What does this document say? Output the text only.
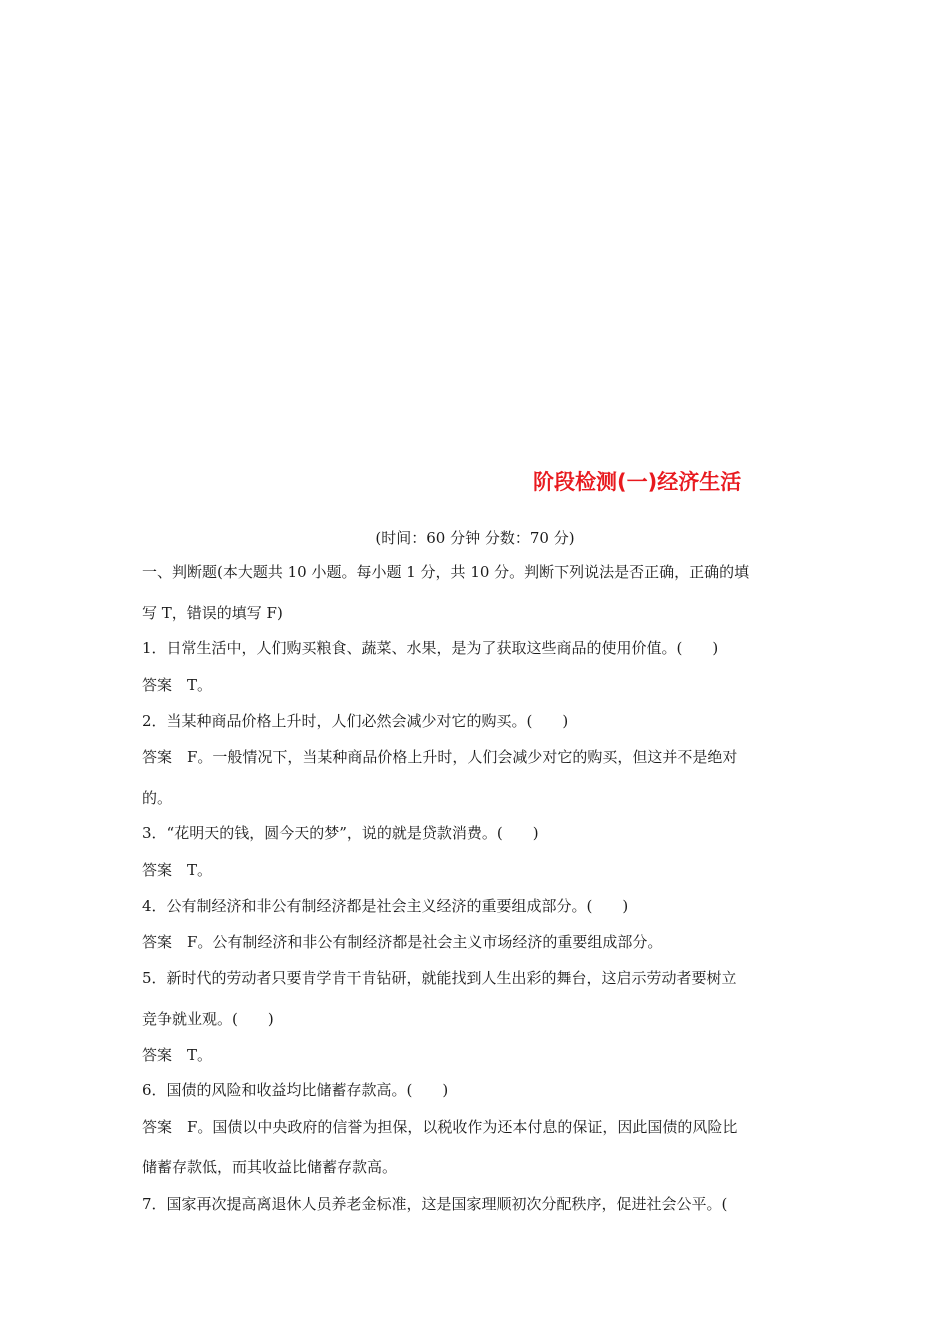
阶段检测(一)经济生活
(时间：60 分钟 分数：70 分)
一、判断题(本大题共 10 小题。每小题 1 分，共 10 分。判断下列说法是否正确，正确的填
写 T，错误的填写 F)
1．日常生活中，人们购买粮食、蔬菜、水果，是为了获取这些商品的使用价值。(　　)
答案　T。
2．当某种商品价格上升时，人们必然会减少对它的购买。(　　)
答案　F。一般情况下，当某种商品价格上升时，人们会减少对它的购买，但这并不是绝对
的。
3．“花明天的钱，圆今天的梦”，说的就是贷款消费。(　　)
答案　T。
4．公有制经济和非公有制经济都是社会主义经济的重要组成部分。(　　)
答案　F。公有制经济和非公有制经济都是社会主义市场经济的重要组成部分。
5．新时代的劳动者只要肯学肯干肯钻研，就能找到人生出彩的舞台，这启示劳动者要树立
竞争就业观。(　　)
答案　T。
6．国债的风险和收益均比储蓄存款高。(　　)
答案　F。国债以中央政府的信誉为担保，以税收作为还本付息的保证，因此国债的风险比
储蓄存款低，而其收益比储蓄存款高。
7．国家再次提高离退休人员养老金标准，这是国家理顺初次分配秩序，促进社会公平。(
